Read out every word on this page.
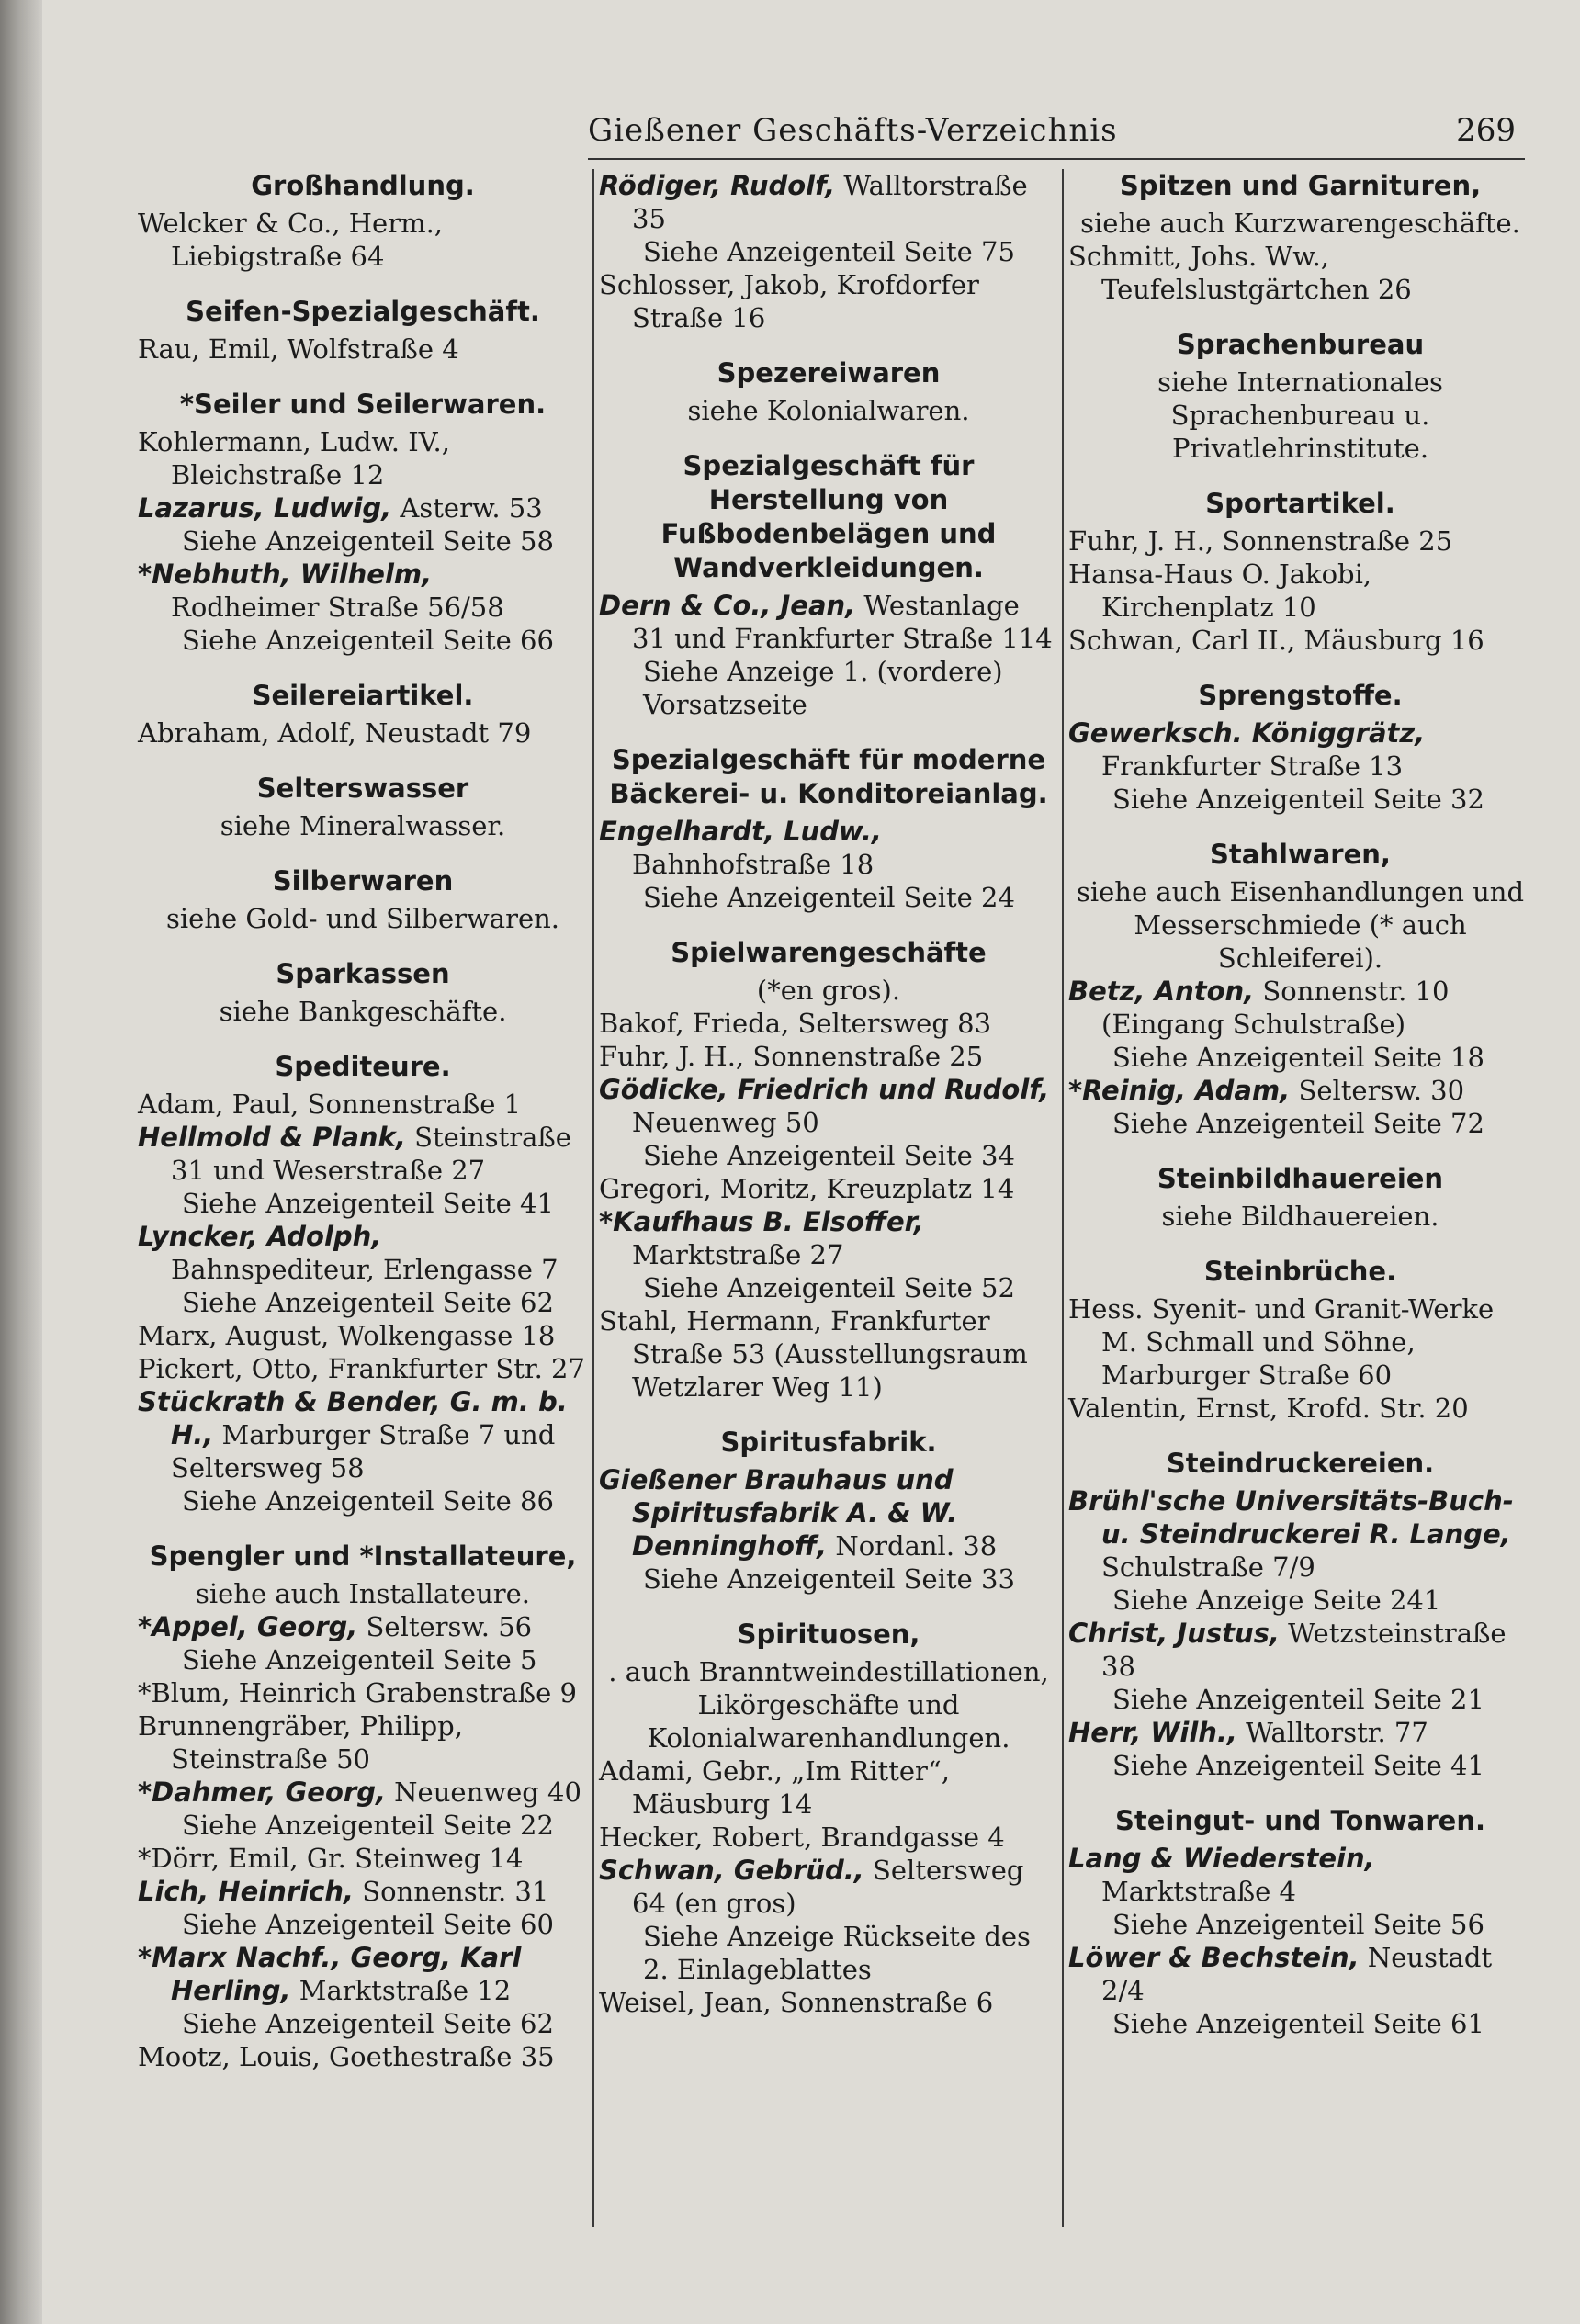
Gießener Geschäfts-Verzeichnis	269
Großhandlung.
Welcker & Co., Herm., Liebigstraße 64
Seifen-Spezialgeschäft.
Rau, Emil, Wolfstraße 4
*Seiler und Seilerwaren.
Kohlermann, Ludw. IV., Bleichstraße 12
Lazarus, Ludwig, Asterw. 53
Siehe Anzeigenteil Seite 58
*Nebhuth, Wilhelm, Rodheimer Straße 56/58
Siehe Anzeigenteil Seite 66
Seilereiartikel.
Abraham, Adolf, Neustadt 79
Selterswasser
siehe Mineralwasser.
Silberwaren
siehe Gold- und Silberwaren.
Sparkassen
siehe Bankgeschäfte.
Spediteure.
Adam, Paul, Sonnenstraße 1
Hellmold & Plank, Steinstraße 31 und Weserstraße 27
Siehe Anzeigenteil Seite 41
Lyncker, Adolph, Bahnspediteur, Erlengasse 7
Siehe Anzeigenteil Seite 62
Marx, August, Wolkengasse 18
Pickert, Otto, Frankfurter Str. 27
Stückrath & Bender, G. m. b. H., Marburger Straße 7 und Seltersweg 58
Siehe Anzeigenteil Seite 86
Spengler und *Installateure,
siehe auch Installateure.
*Appel, Georg, Seltersw. 56
Siehe Anzeigenteil Seite 5
*Blum, Heinrich Grabenstraße 9
Brunnengräber, Philipp, Steinstraße 50
*Dahmer, Georg, Neuenweg 40
Siehe Anzeigenteil Seite 22
*Dörr, Emil, Gr. Steinweg 14
Lich, Heinrich, Sonnenstr. 31
Siehe Anzeigenteil Seite 60
*Marx Nachf., Georg, Karl Herling, Marktstraße 12
Siehe Anzeigenteil Seite 62
Mootz, Louis, Goethestraße 35
Rödiger, Rudolf, Walltorstraße 35
Siehe Anzeigenteil Seite 75
Schlosser, Jakob, Krofdorfer Straße 16
Spezereiwaren
siehe Kolonialwaren.
Spezialgeschäft für Herstellung von Fußbodenbelägen und Wandverkleidungen.
Dern & Co., Jean, Westanlage 31 und Frankfurter Straße 114
Siehe Anzeige 1. (vordere) Vorsatzseite
Spezialgeschäft für moderne Bäckerei- u. Konditoreianlag.
Engelhardt, Ludw., Bahnhofstraße 18
Siehe Anzeigenteil Seite 24
Spielwarengeschäfte
(*en gros).
Bakof, Frieda, Seltersweg 83
Fuhr, J. H., Sonnenstraße 25
Gödicke, Friedrich und Rudolf, Neuenweg 50
Siehe Anzeigenteil Seite 34
Gregori, Moritz, Kreuzplatz 14
*Kaufhaus B. Elsoffer, Marktstraße 27
Siehe Anzeigenteil Seite 52
Stahl, Hermann, Frankfurter Straße 53 (Ausstellungsraum Wetzlarer Weg 11)
Spiritusfabrik.
Gießener Brauhaus und Spiritusfabrik A. & W. Denninghoff, Nordanl. 38
Siehe Anzeigenteil Seite 33
Spirituosen,
. auch Branntweindestillationen, Likörgeschäfte und Kolonialwarenhandlungen.
Adami, Gebr., „Im Ritter“, Mäusburg 14
Hecker, Robert, Brandgasse 4
Schwan, Gebrüd., Seltersweg 64 (en gros)
Siehe Anzeige Rückseite des 2. Einlageblattes
Weisel, Jean, Sonnenstraße 6
Spitzen und Garnituren,
siehe auch Kurzwarengeschäfte.
Schmitt, Johs. Ww., Teufelslustgärtchen 26
Sprachenbureau
siehe Internationales Sprachenbureau u. Privatlehrinstitute.
Sportartikel.
Fuhr, J. H., Sonnenstraße 25
Hansa-Haus O. Jakobi, Kirchenplatz 10
Schwan, Carl II., Mäusburg 16
Sprengstoffe.
Gewerksch. Königgrätz, Frankfurter Straße 13
Siehe Anzeigenteil Seite 32
Stahlwaren,
siehe auch Eisenhandlungen und Messerschmiede (* auch Schleiferei).
Betz, Anton, Sonnenstr. 10 (Eingang Schulstraße)
Siehe Anzeigenteil Seite 18
*Reinig, Adam, Seltersw. 30
Siehe Anzeigenteil Seite 72
Steinbildhauereien
siehe Bildhauereien.
Steinbrüche.
Hess. Syenit- und Granit-Werke M. Schmall und Söhne, Marburger Straße 60
Valentin, Ernst, Krofd. Str. 20
Steindruckereien.
Brühl'sche Universitäts-Buch- u. Steindruckerei R. Lange, Schulstraße 7/9
Siehe Anzeige Seite 241
Christ, Justus, Wetzsteinstraße 38
Siehe Anzeigenteil Seite 21
Herr, Wilh., Walltorstr. 77
Siehe Anzeigenteil Seite 41
Steingut- und Tonwaren.
Lang & Wiederstein, Marktstraße 4
Siehe Anzeigenteil Seite 56
Löwer & Bechstein, Neustadt 2/4
Siehe Anzeigenteil Seite 61
